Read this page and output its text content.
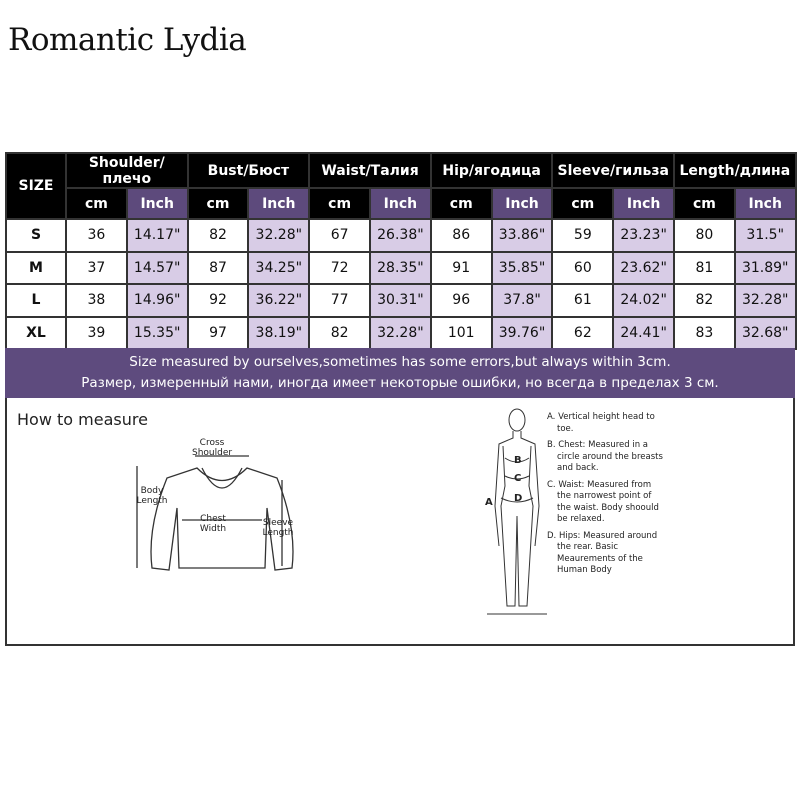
Romantic Lydia
SIZE	Shoulder/плечо		Bust/Бюст		Waist/Талия		Hip/ягодица		Sleeve/гильза		Length/длина	
	cm	Inch	cm	Inch	cm	Inch	cm	Inch	cm	Inch	cm	Inch
S	36	14.17"	82	32.28"	67	26.38"	86	33.86"	59	23.23"	80	31.5"
M	37	14.57"	87	34.25"	72	28.35"	91	35.85"	60	23.62"	81	31.89"
L	38	14.96"	92	36.22"	77	30.31"	96	37.8"	61	24.02"	82	32.28"
XL	39	15.35"	97	38.19"	82	32.28"	101	39.76"	62	24.41"	83	32.68"
Size measured by ourselves,sometimes has some errors,but always within 3cm.
Размер, измеренный нами, иногда имеет некоторые ошибки, но всегда в пределах 3 см.
How to measure
Cross Shoulder
Body Length
Chest Width
Sleeve Length
A
B
C
D

A. Vertical height head to toe.

B. Chest: Measured in a circle around the breasts and back.

C. Waist: Measured from the narrowest point of the waist. Body shoould be relaxed.

D. Hips: Measured around the rear. Basic Meaurements of the Human Body
